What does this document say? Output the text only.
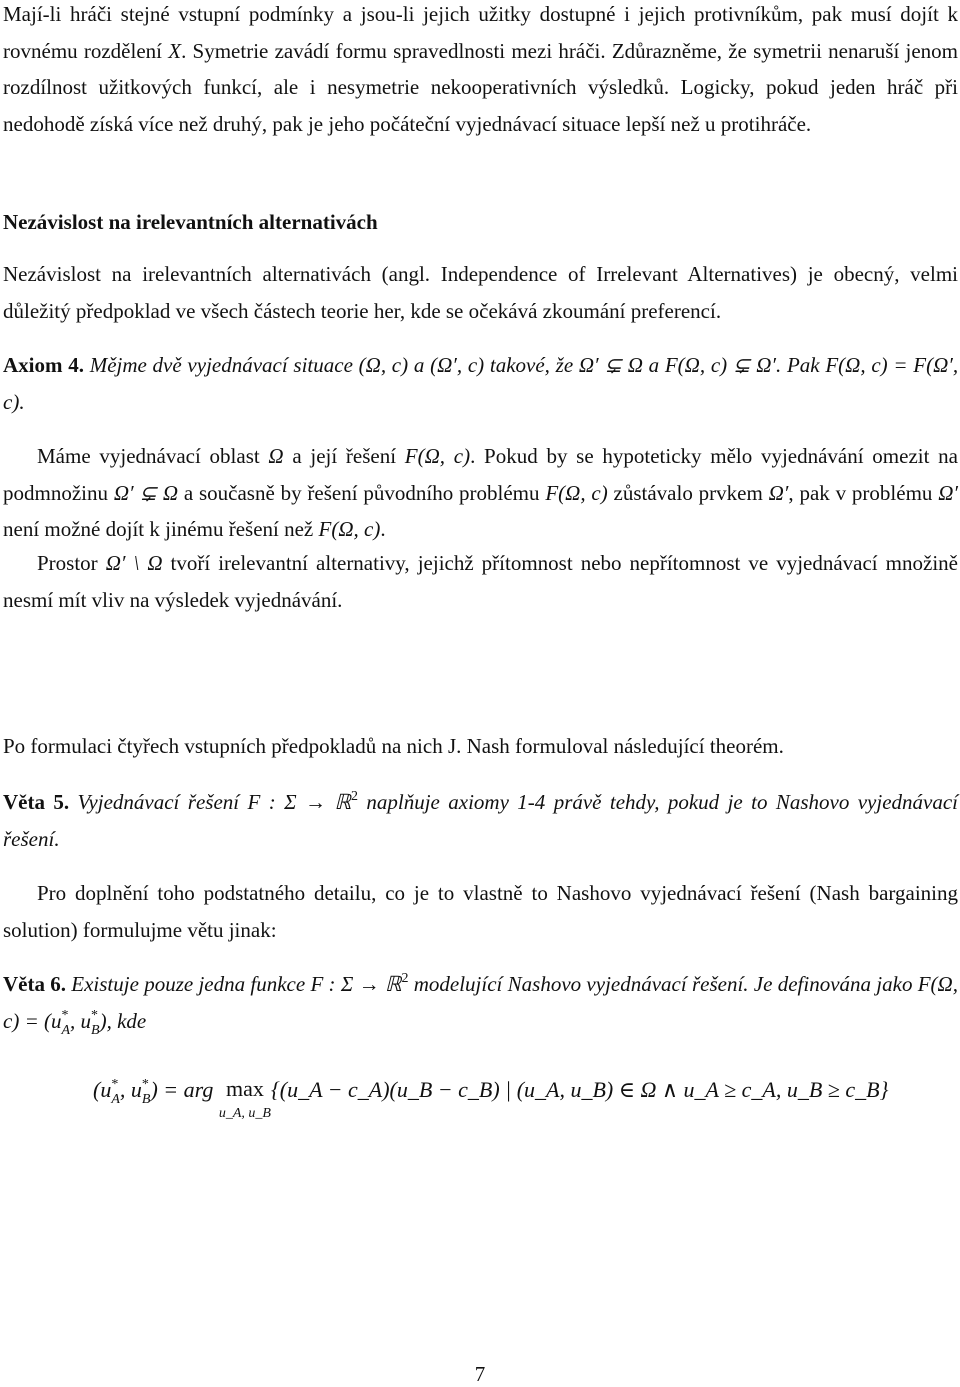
Mají-li hráči stejné vstupní podmínky a jsou-li jejich užitky dostupné i jejich protivníkům, pak musí dojít k rovnému rozdělení X. Symetrie zavádí formu spravedlnosti mezi hráči. Zdůrazněme, že symetrii nenaruší jenom rozdílnost užitkových funkcí, ale i nesymetrie nekooperativních výsledků. Logicky, pokud jeden hráč při nedohodě získá více než druhý, pak je jeho počáteční vyjednávací situace lepší než u protihráče.

Nezávislost na irelevantních alternativách

Nezávislost na irelevantních alternativách (angl. Independence of Irrelevant Alternatives) je obecný, velmi důležitý předpoklad ve všech částech teorie her, kde se očekává zkoumání preferencí.

Axiom 4. Mějme dvě vyjednávací situace (Ω, c) a (Ω′, c) takové, že Ω′ ⊊ Ω a F(Ω, c) ⊊ Ω′. Pak F(Ω, c) = F(Ω′, c).

Máme vyjednávací oblast Ω a její řešení F(Ω, c). Pokud by se hypoteticky mělo vyjednávání omezit na podmnožinu Ω′ ⊊ Ω a současně by řešení původního problému F(Ω, c) zůstávalo prvkem Ω′, pak v problému Ω′ není možné dojít k jinému řešení než F(Ω, c).

Prostor Ω′ \ Ω tvoří irelevantní alternativy, jejichž přítomnost nebo nepřítomnost ve vyjednávací množině nesmí mít vliv na výsledek vyjednávání.

Po formulaci čtyřech vstupních předpokladů na nich J. Nash formuloval následující theorém.

Věta 5. Vyjednávací řešení F : Σ → ℝ$^2$ naplňuje axiomy 1-4 právě tehdy, pokud je to Nashovo vyjednávací řešení.

Pro doplnění toho podstatného detailu, co je to vlastně to Nashovo vyjednávací řešení (Nash bargaining solution) formulujme větu jinak:

Věta 6. Existuje pouze jedna funkce F : Σ → ℝ$^2$ modelující Nashovo vyjednávací řešení. Je definována jako F(Ω, c) = (u *
A , u *
B ), kde

(u *
A , u *
B ) = arg max
u_A, u_B
{(u_A − c_A)(u_B − c_B) | (u_A, u_B) ∈ Ω ∧ u_A ≥ c_A, u_B ≥ c_B}
7
